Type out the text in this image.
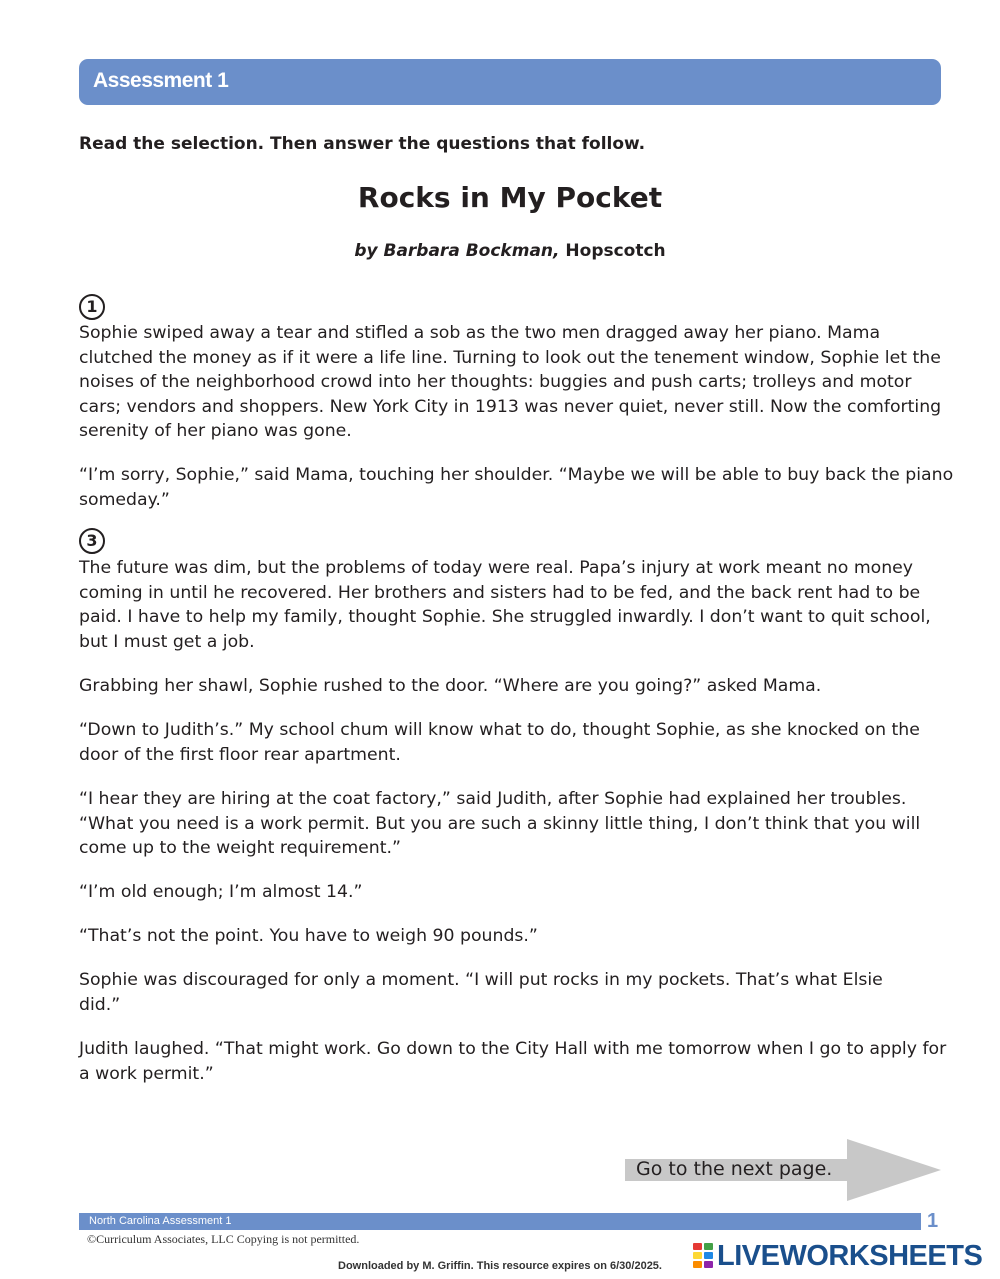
Assessment 1
Read the selection. Then answer the questions that follow.
Rocks in My Pocket
by Barbara Bockman, Hopscotch
1

Sophie swiped away a tear and stifled a sob as the two men dragged away her piano. Mama clutched the money as if it were a life line. Turning to look out the tenement window, Sophie let the noises of the neighborhood crowd into her thoughts: buggies and push carts; trolleys and motor cars; vendors and shoppers. New York City in 1913 was never quiet, never still. Now the comforting serenity of her piano was gone.

“I’m sorry, Sophie,” said Mama, touching her shoulder. “Maybe we will be able to buy back the piano someday.”

3

The future was dim, but the problems of today were real. Papa’s injury at work meant no money coming in until he recovered. Her brothers and sisters had to be fed, and the back rent had to be paid. I have to help my family, thought Sophie. She struggled inwardly. I don’t want to quit school, but I must get a job.

Grabbing her shawl, Sophie rushed to the door. “Where are you going?” asked Mama.

“Down to Judith’s.” My school chum will know what to do, thought Sophie, as she knocked on the door of the first floor rear apartment.

“I hear they are hiring at the coat factory,” said Judith, after Sophie had explained her troubles. “What you need is a work permit. But you are such a skinny little thing, I don’t think that you will come up to the weight requirement.”

“I’m old enough; I’m almost 14.”

“That’s not the point. You have to weigh 90 pounds.”

Sophie was discouraged for only a moment. “I will put rocks in my pockets. That’s what Elsie did.”

Judith laughed. “That might work. Go down to the City Hall with me tomorrow when I go to apply for a work permit.”

Go to the next page.
North Carolina Assessment 1	1
©Curriculum Associates, LLC Copying is not permitted.
LIVEWORKSHEETS
Downloaded by M. Griffin. This resource expires on 6/30/2025.
